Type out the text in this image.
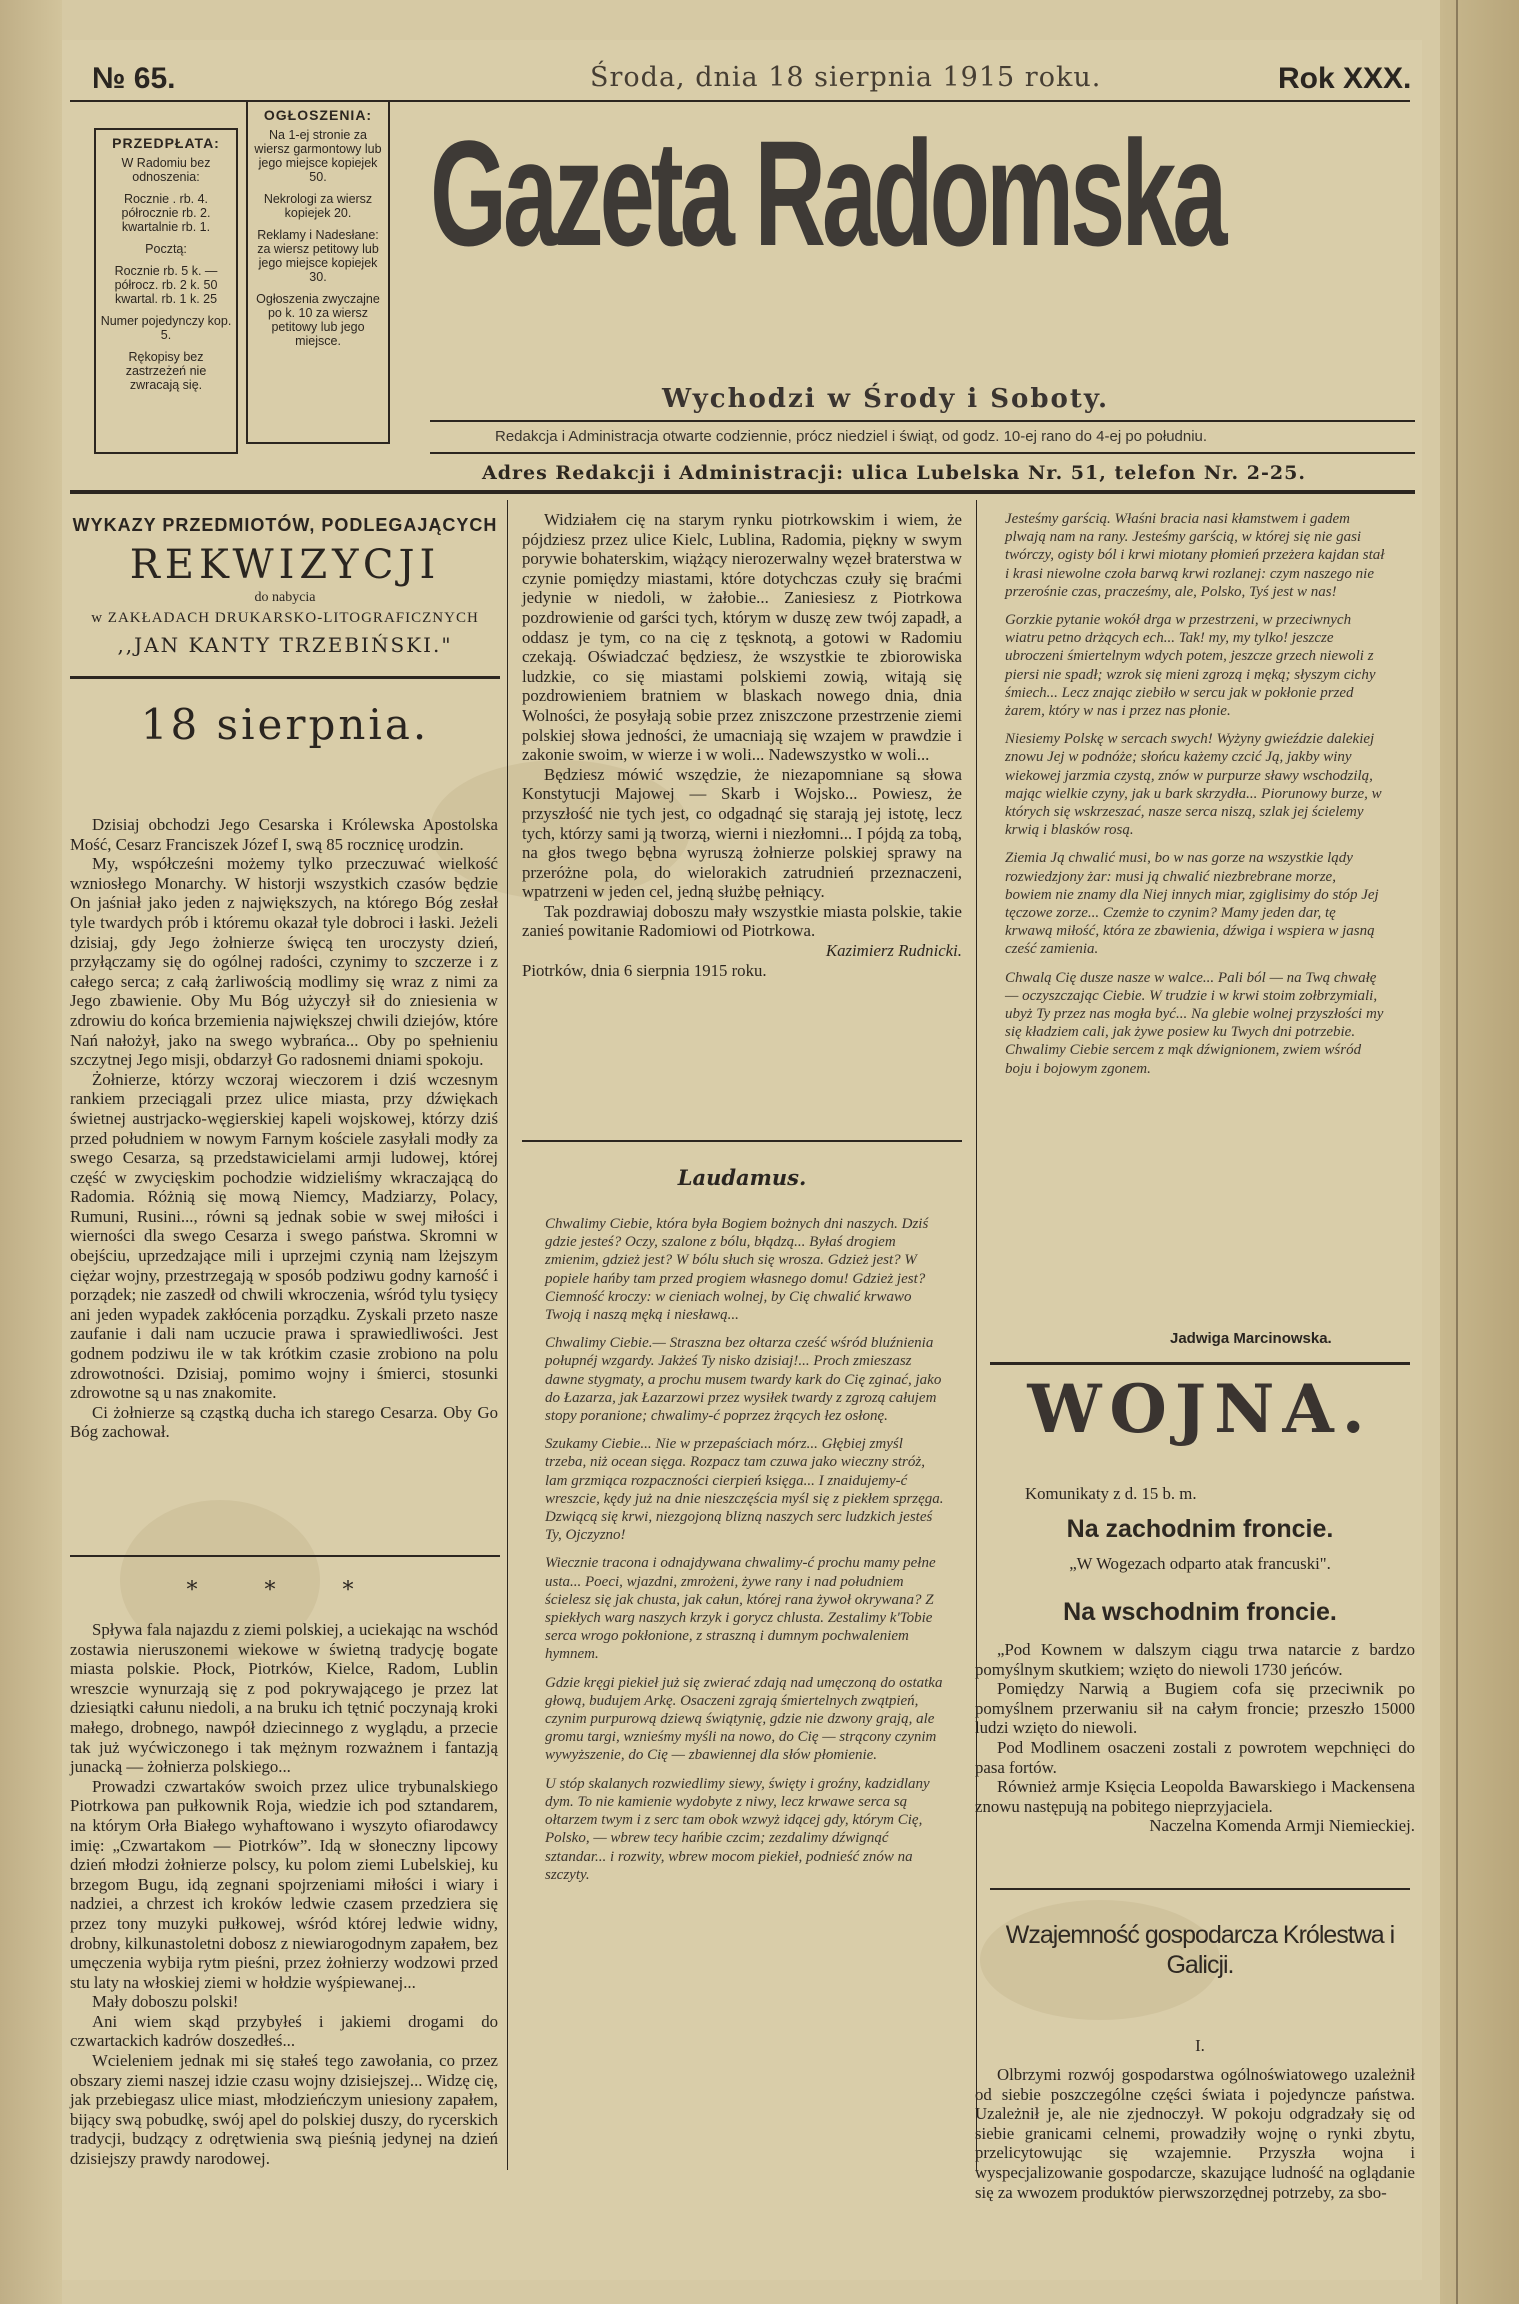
№ 65.	Środa, dnia 18 sierpnia 1915 roku.	Rok XXX.
PRZEDPŁATA:

W Radomiu bez odnoszenia:

Rocznie . rb. 4. półrocznie rb. 2. kwartalnie rb. 1.

Pocztą:

Rocznie rb. 5 k. — półrocz. rb. 2 k. 50 kwartal. rb. 1 k. 25

Numer pojedynczy kop. 5.

Rękopisy bez zastrzeżeń nie zwracają się.

OGŁOSZENIA:

Na 1-ej stronie za wiersz garmontowy lub jego miejsce kopiejek 50.

Nekrologi za wiersz kopiejek 20.

Reklamy i Nadesłane: za wiersz petitowy lub jego miejsce kopiejek 30.

Ogłoszenia zwyczajne po k. 10 za wiersz petitowy lub jego miejsce.

Gazeta Radomska
Wychodzi w Środy i Soboty.
Redakcja i Administracja otwarte codziennie, prócz niedziel i świąt, od godz. 10-ej rano do 4-ej po południu.
Adres Redakcji i Administracji: ulica Lubelska Nr. 51, telefon Nr. 2-25.
WYKAZY PRZEDMIOTÓW, PODLEGAJĄCYCH
REKWIZYCJI
do nabycia
w ZAKŁADACH DRUKARSKO-LITOGRAFICZNYCH
,,JAN KANTY TRZEBIŃSKI."
18 sierpnia.

Dzisiaj obchodzi Jego Cesarska i Królewska Apostolska Mość, Cesarz Franciszek Józef I, swą 85 rocznicę urodzin.

My, współcześni możemy tylko przeczuwać wielkość wzniosłego Monarchy. W historji wszystkich czasów będzie On jaśniał jako jeden z największych, na którego Bóg zesłał tyle twardych prób i któremu okazał tyle dobroci i łaski. Jeżeli dzisiaj, gdy Jego żołnierze święcą ten uroczysty dzień, przyłączamy się do ogólnej radości, czynimy to szczerze i z całego serca; z całą żarliwością modlimy się wraz z nimi za Jego zbawienie. Oby Mu Bóg użyczył sił do zniesienia w zdrowiu do końca brzemienia największej chwili dziejów, które Nań nałożył, jako na swego wybrańca... Oby po spełnieniu szczytnej Jego misji, obdarzył Go radosnemi dniami spokoju.

Żołnierze, którzy wczoraj wieczorem i dziś wczesnym rankiem przeciągali przez ulice miasta, przy dźwiękach świetnej austrjacko-węgierskiej kapeli wojskowej, którzy dziś przed południem w nowym Farnym kościele zasyłali modły za swego Cesarza, są przedstawicielami armji ludowej, której część w zwycięskim pochodzie widzieliśmy wkraczającą do Radomia. Różnią się mową Niemcy, Madziarzy, Polacy, Rumuni, Rusini..., równi są jednak sobie w swej miłości i wierności dla swego Cesarza i swego państwa. Skromni w obejściu, uprzedzające mili i uprzejmi czynią nam lżejszym ciężar wojny, przestrzegają w sposób podziwu godny karność i porządek; nie zaszedł od chwili wkroczenia, wśród tylu tysięcy ani jeden wypadek zakłócenia porządku. Zyskali przeto nasze zaufanie i dali nam uczucie prawa i sprawiedliwości. Jest godnem podziwu ile w tak krótkim czasie zrobiono na polu zdrowotności. Dzisiaj, pomimo wojny i śmierci, stosunki zdrowotne są u nas znakomite.

Ci żołnierze są cząstką ducha ich starego Cesarza. Oby Go Bóg zachował.

* * *

Spływa fala najazdu z ziemi polskiej, a uciekając na wschód zostawia nieruszonemi wiekowe w świetną tradycję bogate miasta polskie. Płock, Piotrków, Kielce, Radom, Lublin wreszcie wynurzają się z pod pokrywającego je przez lat dziesiątki całunu niedoli, a na bruku ich tętnić poczynają kroki małego, drobnego, nawpół dziecinnego z wyglądu, a przecie tak już wyćwiczonego i tak mężnym rozważnem i fantazją junacką — żołnierza polskiego...

Prowadzi czwartaków swoich przez ulice trybunalskiego Piotrkowa pan pułkownik Roja, wiedzie ich pod sztandarem, na którym Orła Białego wyhaftowano i wyszyto ofiarodawcy imię: „Czwartakom — Piotrków”. Idą w słoneczny lipcowy dzień młodzi żołnierze polscy, ku polom ziemi Lubelskiej, ku brzegom Bugu, idą zegnani spojrzeniami miłości i wiary i nadziei, a chrzest ich kroków ledwie czasem przedziera się przez tony muzyki pułkowej, wśród której ledwie widny, drobny, kilkunastoletni dobosz z niewiarogodnym zapałem, bez umęczenia wybija rytm pieśni, przez żołnierzy wodzowi przed stu laty na włoskiej ziemi w hołdzie wyśpiewanej...

Mały doboszu polski!

Ani wiem skąd przybyłeś i jakiemi drogami do czwartackich kadrów doszedłeś...

Wcieleniem jednak mi się stałeś tego zawołania, co przez obszary ziemi naszej idzie czasu wojny dzisiejszej... Widzę cię, jak przebiegasz ulice miast, młodzieńczym uniesiony zapałem, bijący swą pobudkę, swój apel do polskiej duszy, do rycerskich tradycji, budzący z odrętwienia swą pieśnią jedynej na dzień dzisiejszy prawdy narodowej.

Widziałem cię na starym rynku piotrkowskim i wiem, że pójdziesz przez ulice Kielc, Lublina, Radomia, piękny w swym porywie bohaterskim, wiążący nierozerwalny węzeł braterstwa w czynie pomiędzy miastami, które dotychczas czuły się braćmi jedynie w niedoli, w żałobie... Zaniesiesz z Piotrkowa pozdrowienie od garści tych, którym w duszę zew twój zapadł, a oddasz je tym, co na cię z tęsknotą, a gotowi w Radomiu czekają. Oświadczać będziesz, że wszystkie te zbiorowiska ludzkie, co się miastami polskiemi zowią, witają się pozdrowieniem bratniem w blaskach nowego dnia, dnia Wolności, że posyłają sobie przez zniszczone przestrzenie ziemi polskiej słowa jedności, że umacniają się wzajem w prawdzie i zakonie swoim, w wierze i w woli... Nadewszystko w woli...

Będziesz mówić wszędzie, że niezapomniane są słowa Konstytucji Majowej — Skarb i Wojsko... Powiesz, że przyszłość nie tych jest, co odgadnąć się starają jej istotę, lecz tych, którzy sami ją tworzą, wierni i niezłomni... I pójdą za tobą, na głos twego bębna wyruszą żołnierze polskiej sprawy na przeróżne pola, do wielorakich zatrudnień przeznaczeni, wpatrzeni w jeden cel, jedną służbę pełniący.

Tak pozdrawiaj doboszu mały wszystkie miasta polskie, takie zanieś powitanie Radomiowi od Piotrkowa.

Kazimierz Rudnicki.

Piotrków, dnia 6 sierpnia 1915 roku.

Laudamus.

Chwalimy Ciebie, która była Bogiem bożnych dni naszych. Dziś gdzie jesteś? Oczy, szalone z bólu, błądzą... Byłaś drogiem zmienim, gdzież jest? W bólu słuch się wrosza. Gdzież jest? W popiele hańby tam przed progiem własnego domu! Gdzież jest? Ciemność kroczy: w cieniach wolnej, by Cię chwalić krwawo Twoją i naszą męką i niesławą...

Chwalimy Ciebie.— Straszna bez ołtarza cześć wśród bluźnienia połupnéj wzgardy. Jakżeś Ty nisko dzisiaj!... Proch zmieszasz dawne stygmaty, a prochu musem twardy kark do Cię zginać, jako do Łazarza, jak Łazarzowi przez wysiłek twardy z zgrozą całujem stopy poranione; chwalimy-ć poprzez żrących łez osłonę.

Szukamy Ciebie... Nie w przepaściach mórz... Głębiej zmyśl trzeba, niż ocean sięga. Rozpacz tam czuwa jako wieczny stróż, lam grzmiąca rozpaczności cierpień księga... I znaidujemy-ć wreszcie, kędy już na dnie nieszczęścia myśl się z piekłem sprzęga. Dzwiącą się krwi, niezgojoną blizną naszych serc ludzkich jesteś Ty, Ojczyzno!

Wiecznie tracona i odnajdywana chwalimy-ć prochu mamy pełne usta... Poeci, wjazdni, zmrożeni, żywe rany i nad południem ścielesz się jak chusta, jak całun, której rana żywoł okrywana? Z spiekłych warg naszych krzyk i gorycz chlusta. Zestalimy k'Tobie serca wrogo pokłonione, z straszną i dumnym pochwaleniem hymnem.

Gdzie kręgi piekieł już się zwierać zdają nad umęczoną do ostatka głową, budujem Arkę. Osaczeni zgrają śmiertelnych zwątpień, czynim purpurową dziewą świątynię, gdzie nie dzwony grają, ale gromu targi, wznieśmy myśli na nowo, do Cię — strącony czynim wywyższenie, do Cię — zbawiennej dla słów płomienie.

U stóp skalanych rozwiedlimy siewy, święty i groźny, kadzidlany dym. To nie kamienie wydobyte z niwy, lecz krwawe serca są ołtarzem twym i z serc tam obok wzwyż idącej gdy, którym Cię, Polsko, — wbrew tecy hańbie czcim; zezdalimy dźwignąć sztandar... i rozwity, wbrew mocom piekieł, podnieść znów na szczyty.

Jesteśmy garścią. Właśni bracia nasi kłamstwem i gadem plwają nam na rany. Jesteśmy garścią, w której się nie gasi twórczy, ogisty ból i krwi miotany płomień przeżera kajdan stał i krasi niewolne czoła barwą krwi rozlanej: czym naszego nie przerośnie czas, pracześmy, ale, Polsko, Tyś jest w nas!

Gorzkie pytanie wokół drga w przestrzeni, w przeciwnych wiatru petno drżących ech... Tak! my, my tylko! jeszcze ubroczeni śmiertelnym wdych potem, jeszcze grzech niewoli z piersi nie spadł; wzrok się mieni zgrozą i męką; słyszym cichy śmiech... Lecz znając ziebiło w sercu jak w pokłonie przed żarem, który w nas i przez nas płonie.

Niesiemy Polskę w sercach swych! Wyżyny gwieździe dalekiej znowu Jej w podnóże; słońcu każemy czcić Ją, jakby winy wiekowej jarzmia czystą, znów w purpurze sławy wschodzilą, mając wielkie czyny, jak u bark skrzydła... Piorunowy burze, w których się wskrzeszać, nasze serca niszą, szlak jej ścielemy krwią i blasków rosą.

Ziemia Ją chwalić musi, bo w nas gorze na wszystkie lądy rozwiedzjony żar: musi ją chwalić niezbrebrane morze, bowiem nie znamy dla Niej innych miar, zgiglisimy do stóp Jej tęczowe zorze... Czemże to czynim? Mamy jeden dar, tę krwawą miłość, która ze zbawienia, dźwiga i wspiera w jasną cześć zamienia.

Chwalą Cię dusze nasze w walce... Pali ból — na Twą chwałę — oczyszczając Ciebie. W trudzie i w krwi stoim zołbrzymiali, ubyż Ty przez nas mogła być... Na glebie wolnej przyszłości my się kładziem cali, jak żywe posiew ku Twych dni potrzebie. Chwalimy Ciebie sercem z mąk dźwignionem, zwiem wśród boju i bojowym zgonem.

Jadwiga Marcinowska.
WOJNA.
Komunikaty z d. 15 b. m.
Na zachodnim froncie.
„W Wogezach odparto atak francuski".
Na wschodnim froncie.

„Pod Kownem w dalszym ciągu trwa natarcie z bardzo pomyślnym skutkiem; wzięto do niewoli 1730 jeńców.

Pomiędzy Narwią a Bugiem cofa się przeciwnik po pomyślnem przerwaniu sił na całym froncie; przeszło 15000 ludzi wzięto do niewoli.

Pod Modlinem osaczeni zostali z powrotem wepchnięci do pasa fortów.

Również armje Księcia Leopolda Bawarskiego i Mackensena znowu następują na pobitego nieprzyjaciela.

Naczelna Komenda Armji Niemieckiej.

Wzajemność gospodarcza Królestwa i Galicji.
I.

Olbrzymi rozwój gospodarstwa ogólnoświatowego uzależnił od siebie poszczególne części świata i pojedyncze państwa. Uzależnił je, ale nie zjednoczył. W pokoju odgradzały się od siebie granicami celnemi, prowadziły wojnę o rynki zbytu, przelicytowując się wzajemnie. Przyszła wojna i wyspecjalizowanie gospodarcze, skazujące ludność na oglądanie się za wwozem produktów pierwszorzędnej potrzeby, za sbo-
